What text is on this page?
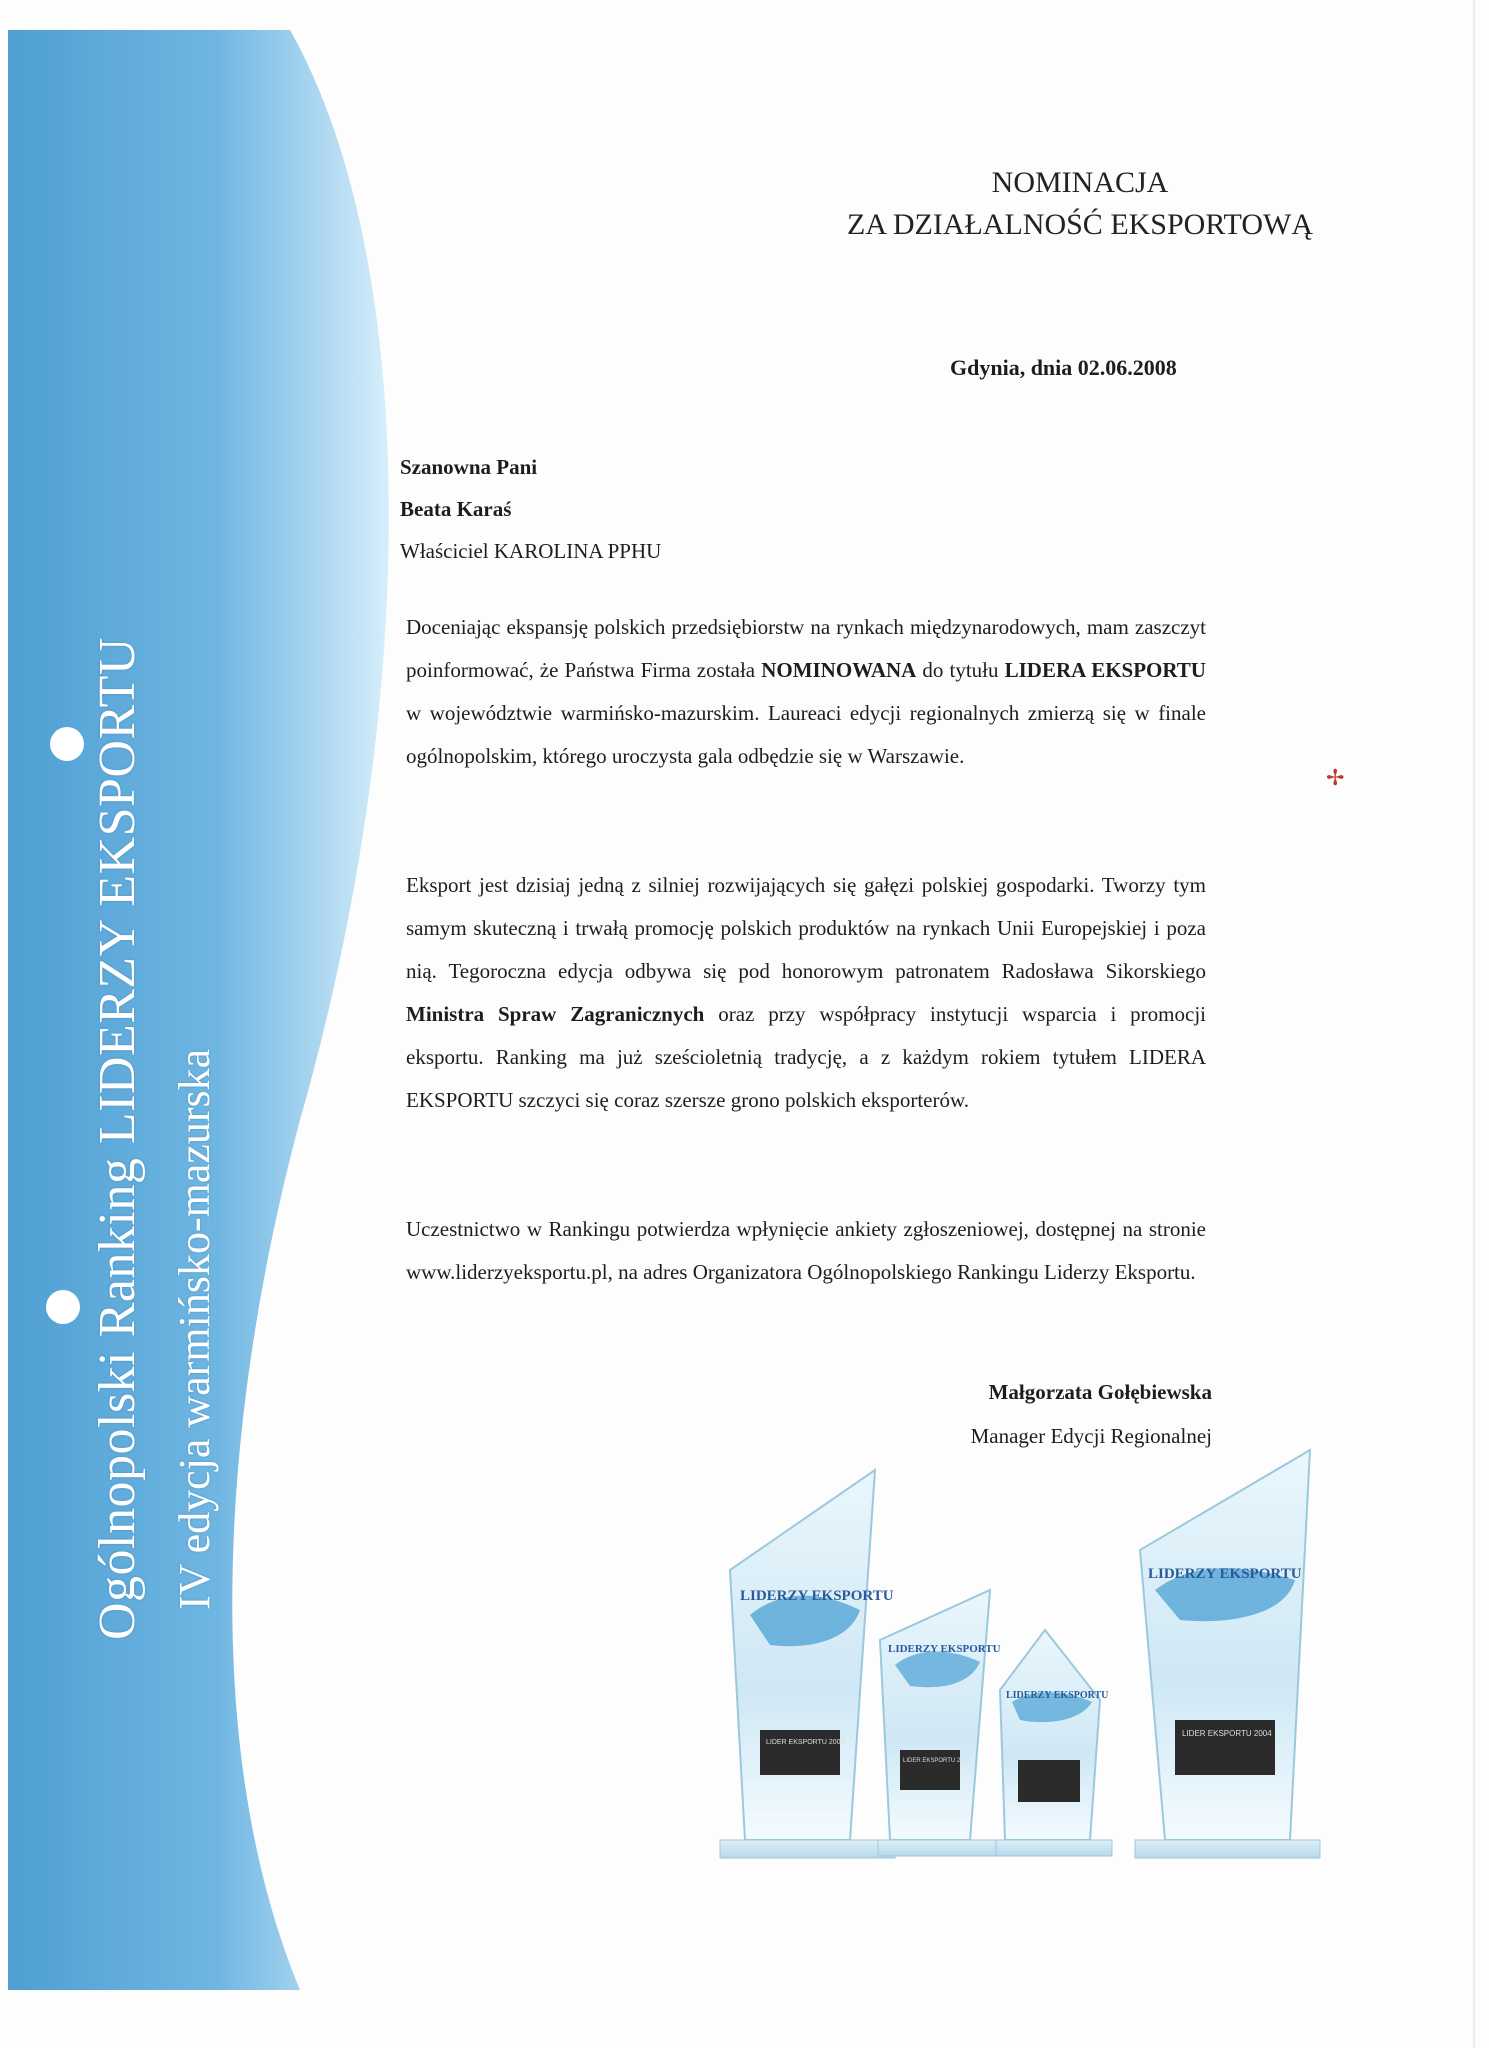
Ogólnopolski Ranking LIDERZY EKSPORTU IV edycja warmińsko-mazurska
NOMINACJA
ZA DZIAŁALNOŚĆ EKSPORTOWĄ
Gdynia, dnia 02.06.2008
Szanowna Pani
Beata Karaś
Właściciel KAROLINA PPHU
Doceniając ekspansję polskich przedsiębiorstw na rynkach międzynarodowych, mam zaszczyt poinformować, że Państwa Firma została NOMINOWANA do tytułu LIDERA EKSPORTU w województwie warmińsko-mazurskim. Laureaci edycji regionalnych zmierzą się w finale ogólnopolskim, którego uroczysta gala odbędzie się w Warszawie.
Eksport jest dzisiaj jedną z silniej rozwijających się gałęzi polskiej gospodarki. Tworzy tym samym skuteczną i trwałą promocję polskich produktów na rynkach Unii Europejskiej i poza nią. Tegoroczna edycja odbywa się pod honorowym patronatem Radosława Sikorskiego Ministra Spraw Zagranicznych oraz przy współpracy instytucji wsparcia i promocji eksportu. Ranking ma już sześcioletnią tradycję, a z każdym rokiem tytułem LIDERA EKSPORTU szczyci się coraz szersze grono polskich eksporterów.
Uczestnictwo w Rankingu potwierdza wpłynięcie ankiety zgłoszeniowej, dostępnej na stronie www.liderzyeksportu.pl, na adres Organizatora Ogólnopolskiego Rankingu Liderzy Eksportu.
✢
Małgorzata Gołębiewska
Manager Edycji Regionalnej
LIDERZY EKSPORTU
LIDER EKSPORTU 2004
LIDERZY EKSPORTU
LIDER EKSPORTU 2004
LIDERZY EKSPORTU
LIDERZY EKSPORTU
LIDER EKSPORTU 2004
